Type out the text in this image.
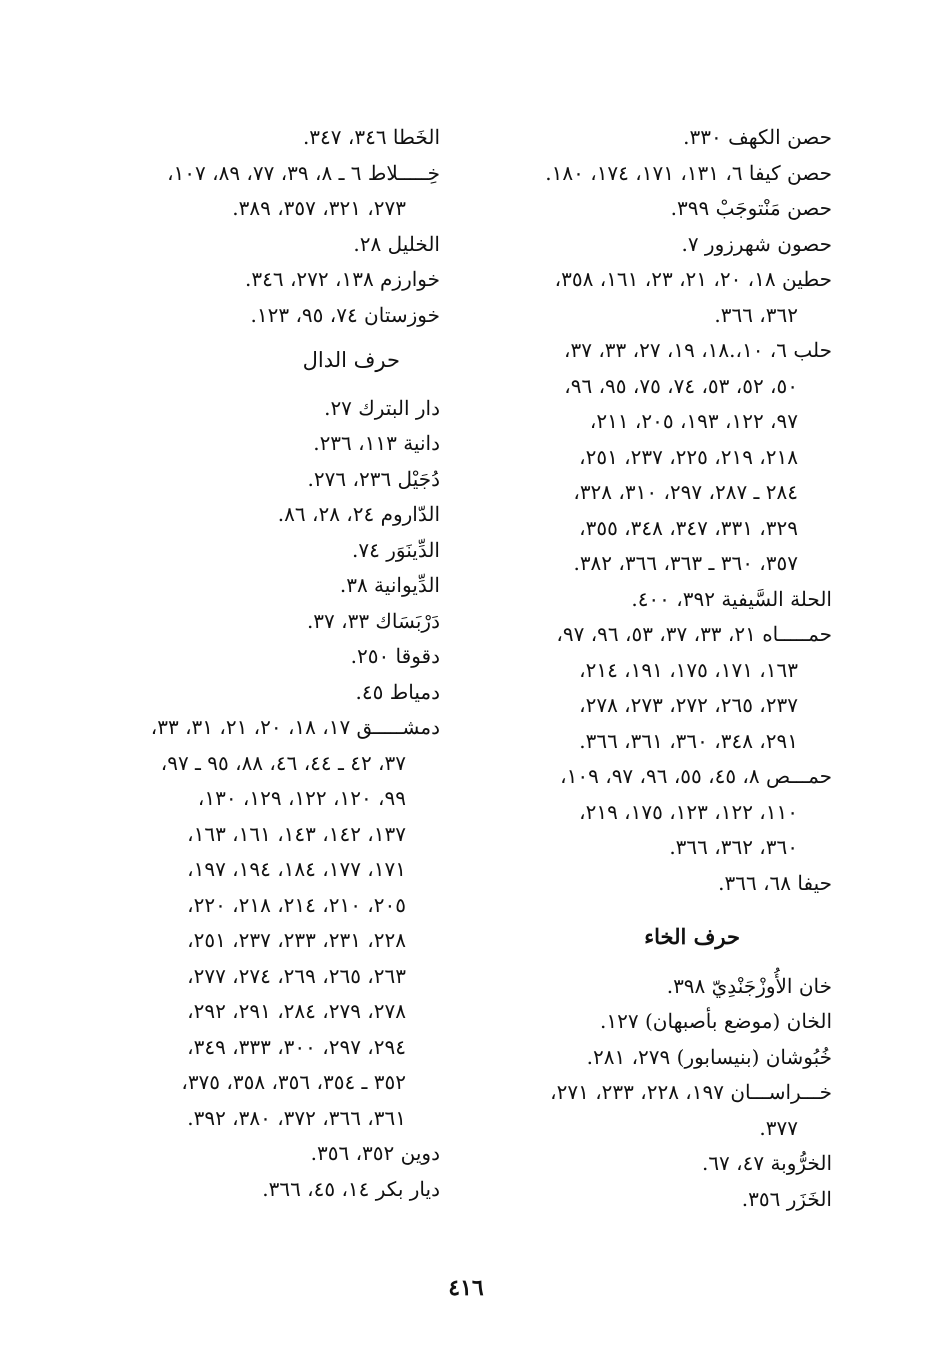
حصن الكهف ٣٣٠.
حصن كيفا ٦، ١٣١، ١٧١، ١٧٤، ١٨٠.
حصن مَنْتوجَبْ ٣٩٩.
حصون شهرزور ٧.
حطين ١٨، ٢٠، ٢١، ٢٣، ١٦١، ٣٥٨،

٣٦٢، ٣٦٦.
حلب ٦، ١٠،.١٨، ١٩، ٢٧، ٣٣، ٣٧،

٥٠، ٥٢، ٥٣، ٧٤، ٧٥، ٩٥، ٩٦،
٩٧، ١٢٢، ١٩٣، ٢٠٥، ٢١١،
٢١٨، ٢١٩، ٢٢٥، ٢٣٧، ٢٥١،
٢٨٤ ـ ٢٨٧، ٢٩٧، ٣١٠، ٣٢٨،
٣٢٩، ٣٣١، ٣٤٧، ٣٤٨، ٣٥٥،
٣٥٧، ٣٦٠ ـ ٣٦٣، ٣٦٦، ٣٨٢.
الحلة السَّيفية ٣٩٢، ٤٠٠.
حمـــــاه ٢١، ٣٣، ٣٧، ٥٣، ٩٦، ٩٧،

١٦٣، ١٧١، ١٧٥، ١٩١، ٢١٤،
٢٣٧، ٢٦٥، ٢٧٢، ٢٧٣، ٢٧٨،
٢٩١، ٣٤٨، ٣٦٠، ٣٦١، ٣٦٦.
حمـــص ٨، ٤٥، ٥٥، ٩٦، ٩٧، ١٠٩،

١١٠، ١٢٢، ١٢٣، ١٧٥، ٢١٩،
٣٦٠، ٣٦٢، ٣٦٦.
حيفا ٦٨، ٣٦٦.
حرف الخاء
خان الأُوزْجَنْدِيّ ٣٩٨.
الخان (موضع بأصبهان) ١٢٧.
خُبُوشان (بنيسابور) ٢٧٩، ٢٨١.
خـــراســـان ١٩٧، ٢٢٨، ٢٣٣، ٢٧١،

٣٧٧.
الخرُّوبة ٤٧، ٦٧.
الخَزَر ٣٥٦.
الخَطا ٣٤٦، ٣٤٧.
خِـــــلاط ٦ ـ ٨، ٣٩، ٧٧، ٨٩، ١٠٧،

٢٧٣، ٣٢١، ٣٥٧، ٣٨٩.
الخليل ٢٨.
خوارزم ١٣٨، ٢٧٢، ٣٤٦.
خوزستان ٧٤، ٩٥، ١٢٣.
حرف الدال
دار البترك ٢٧.
دانية ١١٣، ٢٣٦.
دُجَيْل ٢٣٦، ٢٧٦.
الدّاروم ٢٤، ٢٨، ٨٦.
الدِّينَوَر ٧٤.
الدِّيوانية ٣٨.
دَرْبَسَاك ٣٣، ٣٧.
دقوقا ٢٥٠.
دمياط ٤٥.
دمشـــــق ١٧، ١٨، ٢٠، ٢١، ٣١، ٣٣،

٣٧، ٤٢ ـ ٤٤، ٤٦، ٨٨، ٩٥ ـ ٩٧،
٩٩، ١٢٠، ١٢٢، ١٢٩، ١٣٠،
١٣٧، ١٤٢، ١٤٣، ١٦١، ١٦٣،
١٧١، ١٧٧، ١٨٤، ١٩٤، ١٩٧،
٢٠٥، ٢١٠، ٢١٤، ٢١٨، ٢٢٠،
٢٢٨، ٢٣١، ٢٣٣، ٢٣٧، ٢٥١،
٢٦٣، ٢٦٥، ٢٦٩، ٢٧٤، ٢٧٧،
٢٧٨، ٢٧٩، ٢٨٤، ٢٩١، ٢٩٢،
٢٩٤، ٢٩٧، ٣٠٠، ٣٣٣، ٣٤٩،
٣٥٢ ـ ٣٥٤، ٣٥٦، ٣٥٨، ٣٧٥،
٣٦١، ٣٦٦، ٣٧٢، ٣٨٠، ٣٩٢.
دوين ٣٥٢، ٣٥٦.
ديار بكر ١٤، ٤٥، ٣٦٦.
٤١٦
